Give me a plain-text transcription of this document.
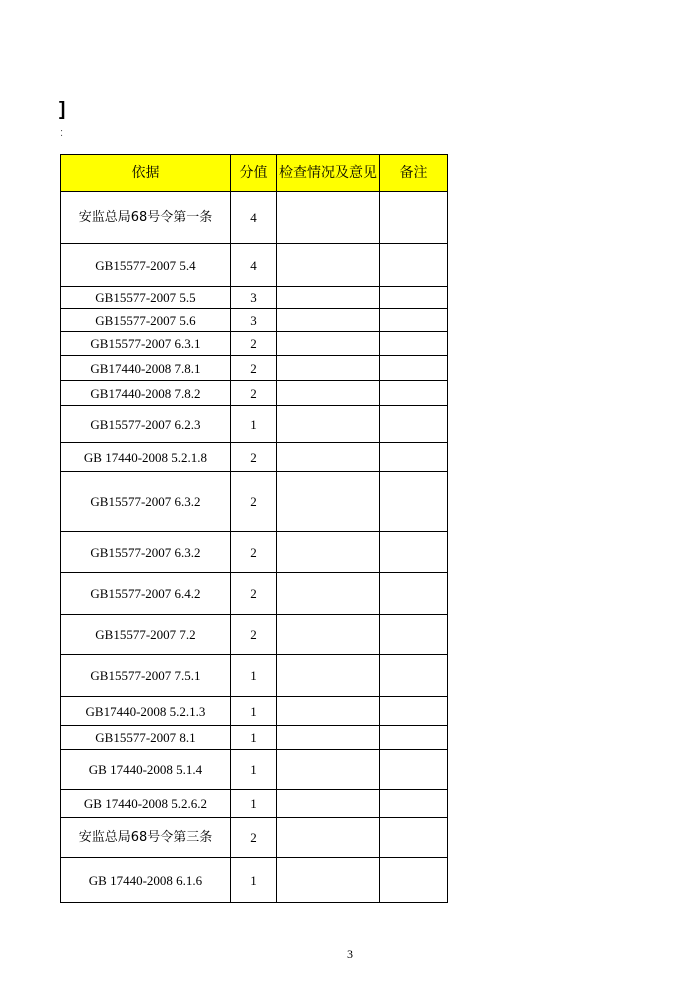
]
:
依据	分值	检查情况及意见	备注
安监总局68号令第一条	4		
GB15577-2007 5.4	4		
GB15577-2007 5.5	3		
GB15577-2007 5.6	3		
GB15577-2007 6.3.1	2		
GB17440-2008 7.8.1	2		
GB17440-2008 7.8.2	2		
GB15577-2007 6.2.3	1		
GB 17440-2008 5.2.1.8	2		
GB15577-2007 6.3.2	2		
GB15577-2007 6.3.2	2		
GB15577-2007 6.4.2	2		
GB15577-2007 7.2	2		
GB15577-2007 7.5.1	1		
GB17440-2008 5.2.1.3	1		
GB15577-2007 8.1	1		
GB 17440-2008 5.1.4	1		
GB 17440-2008 5.2.6.2	1		
安监总局68号令第三条	2		
GB 17440-2008 6.1.6	1		
3
